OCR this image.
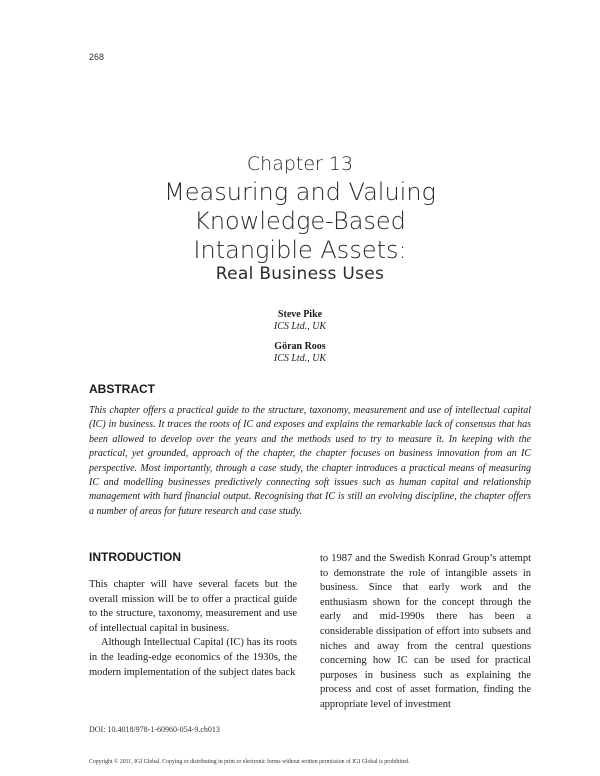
268
Chapter 13
Measuring and Valuing
Knowledge-Based
Intangible Assets:
Real Business Uses
Steve Pike
ICS Ltd., UK
Göran Roos
ICS Ltd., UK
ABSTRACT

This chapter offers a practical guide to the structure, taxonomy, measurement and use of intellectual capital (IC) in business. It traces the roots of IC and exposes and explains the remarkable lack of consensus that has been allowed to develop over the years and the methods used to try to measure it. In keeping with the practical, yet grounded, approach of the chapter, the chapter focuses on business innovation from an IC perspective. Most importantly, through a case study, the chapter introduces a practical means of measuring IC and modelling businesses predictively connecting soft issues such as human capital and relationship management with hard financial output. Recognising that IC is still an evolving discipline, the chapter offers a number of areas for future research and case study.

INTRODUCTION

This chapter will have several facets but the overall mission will be to offer a practical guide to the structure, taxonomy, measurement and use of intellectual capital in business.

Although Intellectual Capital (IC) has its roots in the leading-edge economics of the 1930s, the modern implementation of the subject dates back

to 1987 and the Swedish Konrad Group’s attempt to demonstrate the role of intangible assets in business. Since that early work and the enthusiasm shown for the concept through the early and mid-1990s there has been a considerable dissipation of effort into subsets and niches and away from the central questions concerning how IC can be used for practical purposes in business such as explaining the process and cost of asset formation, finding the appropriate level of investment

DOI: 10.4018/978-1-60960-054-9.ch013
Copyright © 2011, IGI Global. Copying or distributing in print or electronic forms without written permission of IGI Global is prohibited.
